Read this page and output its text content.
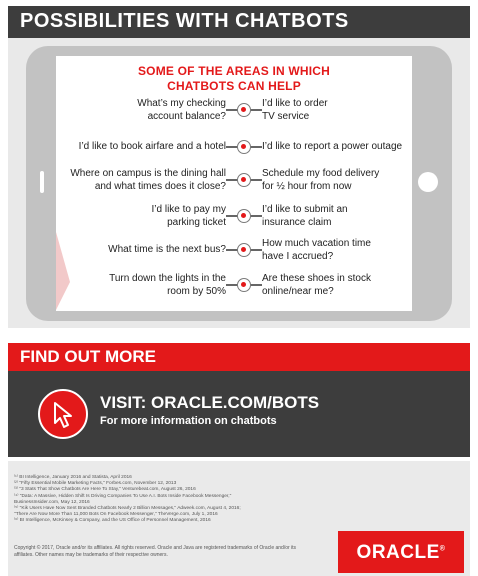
POSSIBILITIES WITH CHATBOTS
SOME OF THE AREAS IN WHICH
CHATBOTS CAN HELP
What’s my checking
account balance?
I’d like to order
TV service
I’d like to book airfare and a hotel	I’d like to report a power outage
Where on campus is the dining hall
and what times does it close?
Schedule my food delivery
for ½ hour from now
I’d like to pay my
parking ticket
I’d like to submit an
insurance claim
What time is the next bus?
How much vacation time
have I accrued?
Turn down the lights in the
room by 50%
Are these shoes in stock
online/near me?
FIND OUT MORE
VISIT: ORACLE.COM/BOTS
For more information on chatbots
⁽¹⁾ BI Intelligence, January 2016 and Statista, April 2016
⁽²⁾ "Fifty Essential Mobile Marketing Facts," Forbes.com, November 12, 2013
⁽³⁾ "3 Stats That Show Chatbots Are Here To Stay," Venturebeat.com, August 26, 2016
⁽⁴⁾ "Data: A Massive, Hidden Shift Is Driving Companies To Use A.I. Bots Inside Facebook Messenger,"
BusinessInsider.com, May 12, 2016
⁽⁵⁾ "Kik Users Have Now Sent Branded Chatbots Nearly 2 Billion Messages," Adweek.com, August 4, 2016;
"There Are Now More Than 11,000 Bots On Facebook Messenger," TheVerge.com, July 1, 2016
⁽⁶⁾ BI Intelligence, McKinsey & Company, and the US Office of Personnel Management, 2016
Copyright © 2017, Oracle and/or its affiliates. All rights reserved. Oracle and Java are registered trademarks of Oracle and/or its affiliates. Other names may be trademarks of their respective owners.	ORACLE®
